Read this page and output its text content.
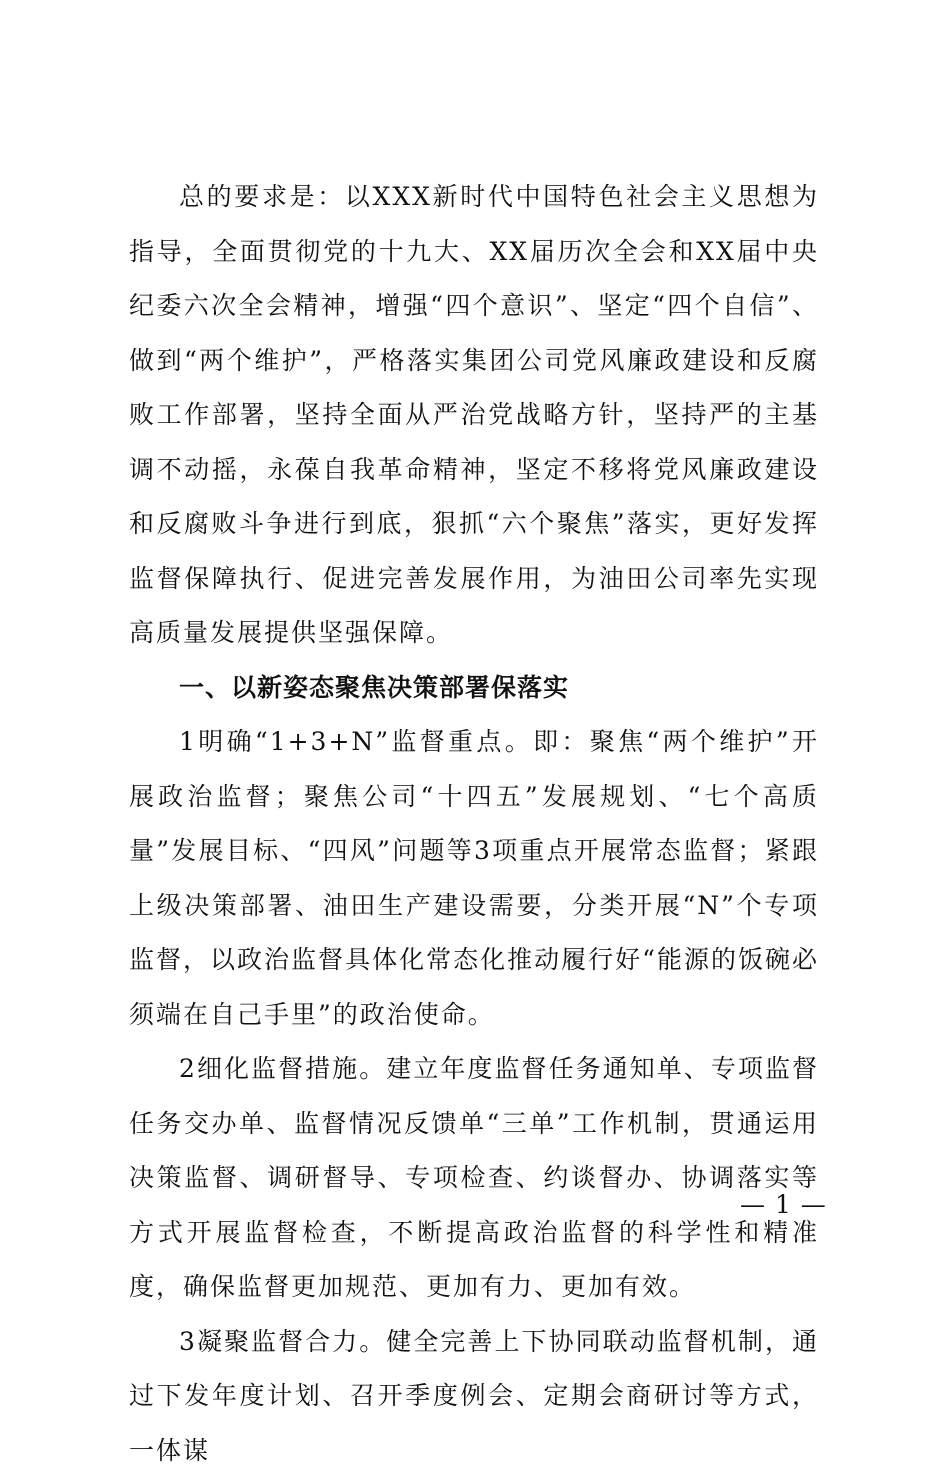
总的要求是：以XXX新时代中国特色社会主义思想为指导，全面贯彻党的十九大、XX届历次全会和XX届中央纪委六次全会精神，增强“四个意识”、坚定“四个自信”、做到“两个维护”，严格落实集团公司党风廉政建设和反腐败工作部署，坚持全面从严治党战略方针，坚持严的主基调不动摇，永葆自我革命精神，坚定不移将党风廉政建设和反腐败斗争进行到底，狠抓“六个聚焦”落实，更好发挥监督保障执行、促进完善发展作用，为油田公司率先实现高质量发展提供坚强保障。

一、以新姿态聚焦决策部署保落实

1明确“1+3+N”监督重点。即：聚焦“两个维护”开展政治监督；聚焦公司“十四五”发展规划、“七个高质量”发展目标、“四风”问题等3项重点开展常态监督；紧跟上级决策部署、油田生产建设需要，分类开展“N”个专项监督，以政治监督具体化常态化推动履行好“能源的饭碗必须端在自己手里”的政治使命。

2细化监督措施。建立年度监督任务通知单、专项监督任务交办单、监督情况反馈单“三单”工作机制，贯通运用决策监督、调研督导、专项检查、约谈督办、协调落实等方式开展监督检查，不断提高政治监督的科学性和精准度，确保监督更加规范、更加有力、更加有效。

3凝聚监督合力。健全完善上下协同联动监督机制，通过下发年度计划、召开季度例会、定期会商研讨等方式，一体谋

— 1 —
